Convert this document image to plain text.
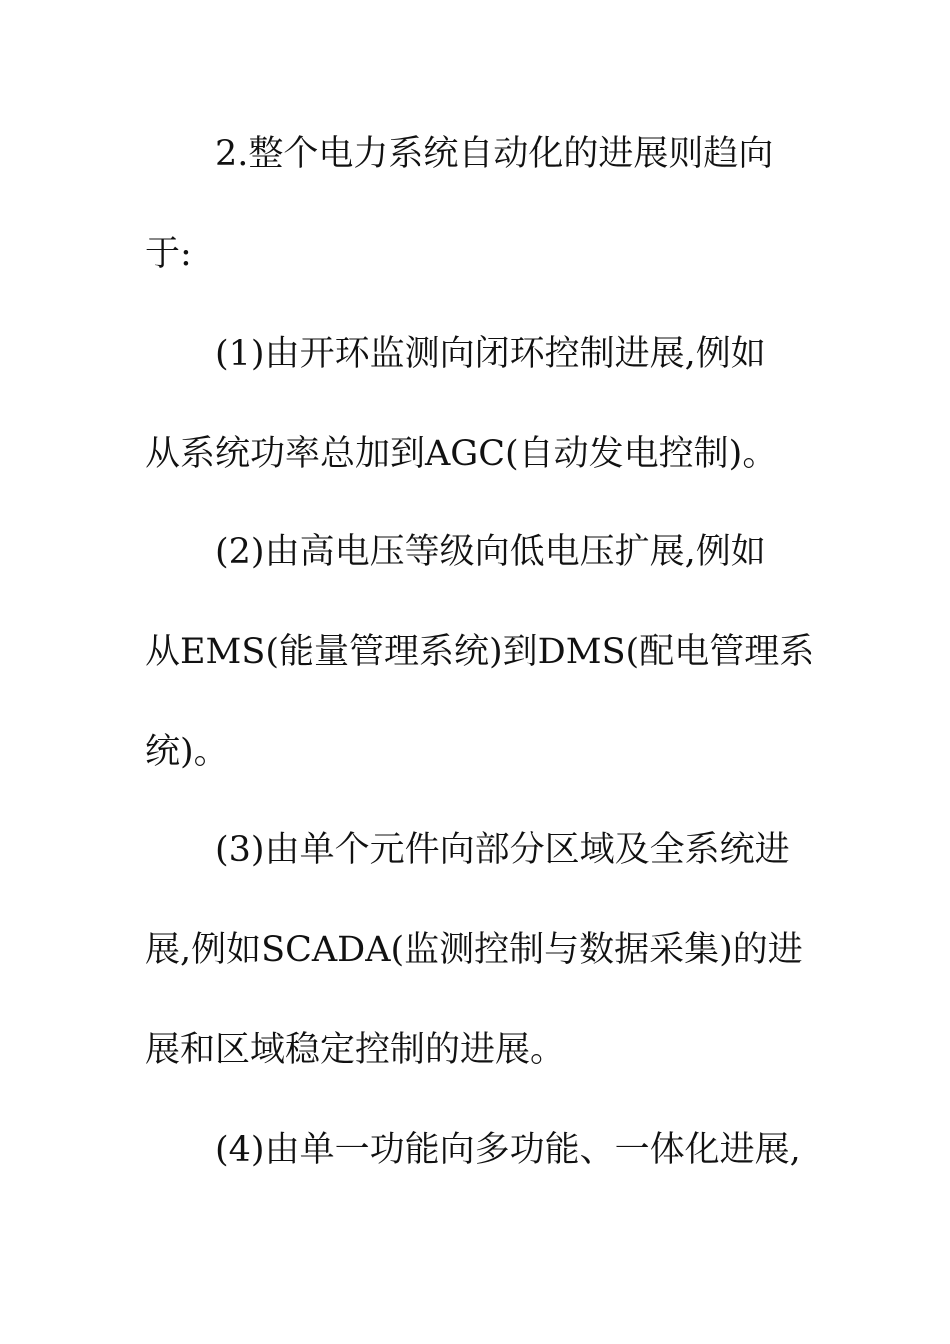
2.整个电力系统自动化的进展则趋向
于:
(1)由开环监测向闭环控制进展,例如
从系统功率总加到AGC(自动发电控制)。
(2)由高电压等级向低电压扩展,例如
从EMS(能量管理系统)到DMS(配电管理系
统)。
(3)由单个元件向部分区域及全系统进
展,例如SCADA(监测控制与数据采集)的进
展和区域稳定控制的进展。
(4)由单一功能向多功能、一体化进展,
